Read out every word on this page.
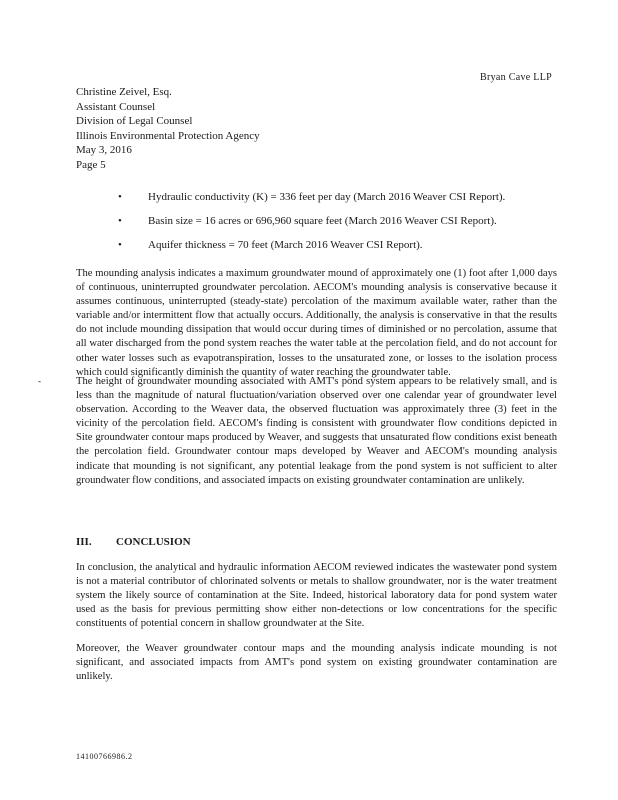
Bryan Cave LLP
Christine Zeivel, Esq.
Assistant Counsel
Division of Legal Counsel
Illinois Environmental Protection Agency
May 3, 2016
Page 5
• Hydraulic conductivity (K) = 336 feet per day (March 2016 Weaver CSI Report).
• Basin size = 16 acres or 696,960 square feet (March 2016 Weaver CSI Report).
• Aquifer thickness = 70 feet (March 2016 Weaver CSI Report).

The mounding analysis indicates a maximum groundwater mound of approximately one (1) foot after 1,000 days of continuous, uninterrupted groundwater percolation. AECOM's mounding analysis is conservative because it assumes continuous, uninterrupted (steady-state) percolation of the maximum available water, rather than the variable and/or intermittent flow that actually occurs. Additionally, the analysis is conservative in that the results do not include mounding dissipation that would occur during times of diminished or no percolation, assume that all water discharged from the pond system reaches the water table at the percolation field, and do not account for other water losses such as evapotranspiration, losses to the unsaturated zone, or losses to the isolation process which could significantly diminish the quantity of water reaching the groundwater table.

-	The height of groundwater mounding associated with AMT's pond system appears to be relatively small, and is less than the magnitude of natural fluctuation/variation observed over one calendar year of groundwater level observation. According to the Weaver data, the observed fluctuation was approximately three (3) feet in the vicinity of the percolation field. AECOM's finding is consistent with groundwater flow conditions depicted in Site groundwater contour maps produced by Weaver, and suggests that unsaturated flow conditions exist beneath the percolation field. Groundwater contour maps developed by Weaver and AECOM's mounding analysis indicate that mounding is not significant, any potential leakage from the pond system is not sufficient to alter groundwater flow conditions, and associated impacts on existing groundwater contamination are unlikely.

III. CONCLUSION

In conclusion, the analytical and hydraulic information AECOM reviewed indicates the wastewater pond system is not a material contributor of chlorinated solvents or metals to shallow groundwater, nor is the water treatment system the likely source of contamination at the Site. Indeed, historical laboratory data for pond system water used as the basis for previous permitting show either non-detections or low concentrations for the specific constituents of potential concern in shallow groundwater at the Site.

Moreover, the Weaver groundwater contour maps and the mounding analysis indicate mounding is not significant, and associated impacts from AMT's pond system on existing groundwater contamination are unlikely.

14100766986.2
